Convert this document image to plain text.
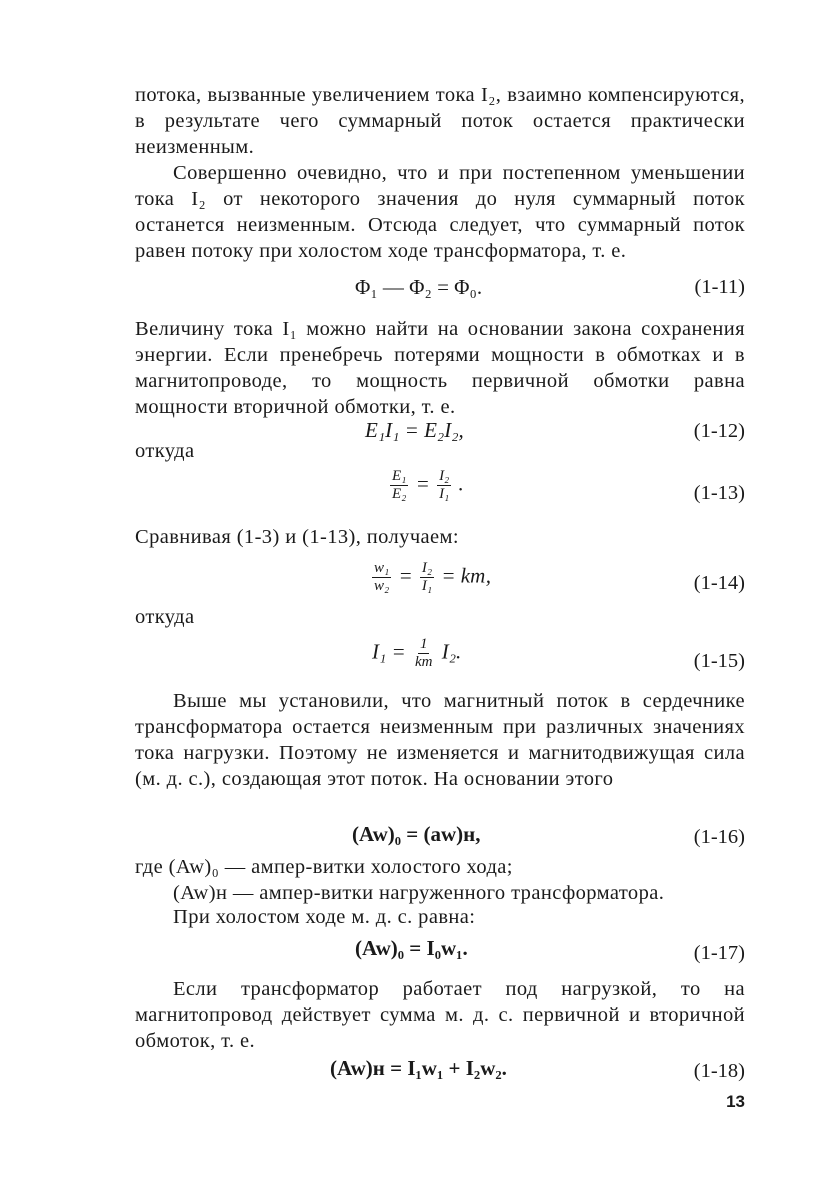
потока, вызванные увеличением тока I₂, взаимно компенсируются, в результате чего суммарный поток остается практически неизменным.
Совершенно очевидно, что и при постепенном уменьшении тока I₂ от некоторого значения до нуля суммарный поток останется неизменным. Отсюда следует, что суммарный поток равен потоку при холостом ходе трансформатора, т. е.
Φ₁ — Φ₂ = Φ₀.	(1-11)
Величину тока I₁ можно найти на основании закона сохранения энергии. Если пренебречь потерями мощности в обмотках и в магнитопроводе, то мощность первичной обмотки равна мощности вторичной обмотки, т. е.
E₁I₁ = E₂I₂,	(1-12)
откуда
$\frac{\text{E₁}}{\text{E₂}} = \frac{\text{I₂}}{\text{I₁}}$ .	(1-13)
Сравнивая (1-3) и (1-13), получаем:
$\frac{\text{w₁}}{\text{w₂}} = \frac{\text{I₂}}{\text{I₁}}$ = kт,	(1-14)
откуда
$I_1 = \frac{1}{kт} I_2$.	(1-15)
Выше мы установили, что магнитный поток в сердечнике трансформатора остается неизменным при различных значениях тока нагрузки. Поэтому не изменяется и магнитодвижущая сила (м. д. с.), создающая этот поток. На основании этого
(Aw)₀ = (aw)н,	(1-16)
где (Aw)₀ — ампер-витки холостого хода;
(Aw)н — ампер-витки нагруженного трансформатора.
При холостом ходе м. д. с. равна:
(Aw)₀ = I₀w₁.	(1-17)
Если трансформатор работает под нагрузкой, то на магнитопровод действует сумма м. д. с. первичной и вторичной обмоток, т. е.
(Aw)н = I₁w₁ + I₂w₂.	(1-18)
13
